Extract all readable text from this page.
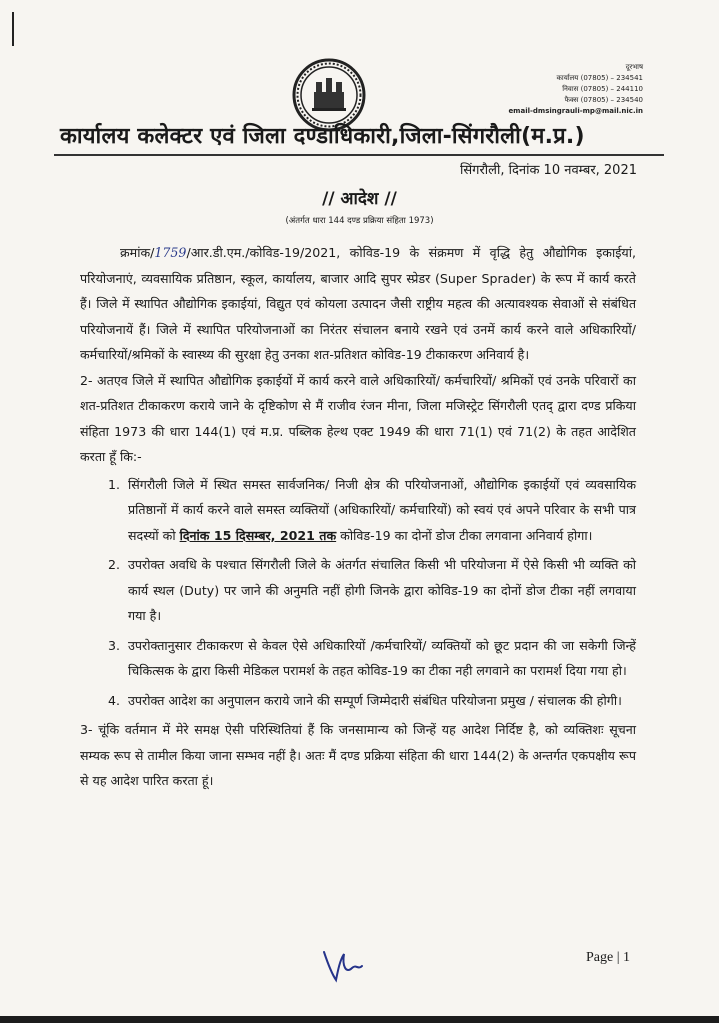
दूरभाष
कार्यालय (07805) – 234541
निवास (07805) – 244110
फैक्स (07805) – 234540
email-dmsingrauli-mp@mail.nic.in
कार्यालय कलेक्टर एवं जिला दण्डाधिकारी,जिला-सिंगरौली(म.प्र.)
सिंगरौली, दिनांक 10 नवम्बर, 2021
// आदेश //
(अंतर्गत धारा 144 दण्ड प्रक्रिया संहिता 1973)

क्रमांक/1759/आर.डी.एम./कोविड-19/2021, कोविड-19 के संक्रमण में वृद्धि हेतु औद्योगिक इकाईयां, परियोजनाएं, व्यवसायिक प्रतिष्ठान, स्कूल, कार्यालय, बाजार आदि सुपर स्प्रेडर (Super Sprader) के रूप में कार्य करते हैं। जिले में स्थापित औद्योगिक इकाईयां, विद्युत एवं कोयला उत्पादन जैसी राष्ट्रीय महत्व की अत्यावश्यक सेवाओं से संबंधित परियोजनायें हैं। जिले में स्थापित परियोजनाओं का निरंतर संचालन बनाये रखने एवं उनमें कार्य करने वाले अधिकारियों/ कर्मचारियों/श्रमिकों के स्वास्थ्य की सुरक्षा हेतु उनका शत-प्रतिशत कोविड-19 टीकाकरण अनिवार्य है।

2- अतएव जिले में स्थापित औद्योगिक इकाईयों में कार्य करने वाले अधिकारियों/ कर्मचारियों/ श्रमिकों एवं उनके परिवारों का शत-प्रतिशत टीकाकरण कराये जाने के दृष्टिकोण से मैं राजीव रंजन मीना, जिला मजिस्ट्रेट सिंगरौली एतद् द्वारा दण्ड प्रकिया संहिता 1973 की धारा 144(1) एवं म.प्र. पब्लिक हेल्थ एक्ट 1949 की धारा 71(1) एवं 71(2) के तहत आदेशित करता हूँ कि:-

1. सिंगरौली जिले में स्थित समस्त सार्वजनिक/ निजी क्षेत्र की परियोजनाओं, औद्योगिक इकाईयों एवं व्यवसायिक प्रतिष्ठानों में कार्य करने वाले समस्त व्यक्तियों (अधिकारियों/ कर्मचारियों) को स्वयं एवं अपने परिवार के सभी पात्र सदस्यों को दिनांक 15 दिसम्बर, 2021 तक कोविड-19 का दोनों डोज टीका लगवाना अनिवार्य होगा।
2. उपरोक्त अवधि के पश्चात सिंगरौली जिले के अंतर्गत संचालित किसी भी परियोजना में ऐसे किसी भी व्यक्ति को कार्य स्थल (Duty) पर जाने की अनुमति नहीं होगी जिनके द्वारा कोविड-19 का दोनों डोज टीका नहीं लगवाया गया है।
3. उपरोक्तानुसार टीकाकरण से केवल ऐसे अधिकारियों /कर्मचारियों/ व्यक्तियों को छूट प्रदान की जा सकेगी जिन्हें चिकित्सक के द्वारा किसी मेडिकल परामर्श के तहत कोविड-19 का टीका नही लगवाने का परामर्श दिया गया हो।
4. उपरोक्त आदेश का अनुपालन कराये जाने की सम्पूर्ण जिम्मेदारी संबंधित परियोजना प्रमुख / संचालक की होगी।

3- चूंकि वर्तमान में मेरे समक्ष ऐसी परिस्थितियां हैं कि जनसामान्य को जिन्हें यह आदेश निर्दिष्ट है, को व्यक्तिशः सूचना सम्यक रूप से तामील किया जाना सम्भव नहीं है। अतः मैं दण्ड प्रक्रिया संहिता की धारा 144(2) के अन्तर्गत एकपक्षीय रूप से यह आदेश पारित करता हूं।

Page | 1
